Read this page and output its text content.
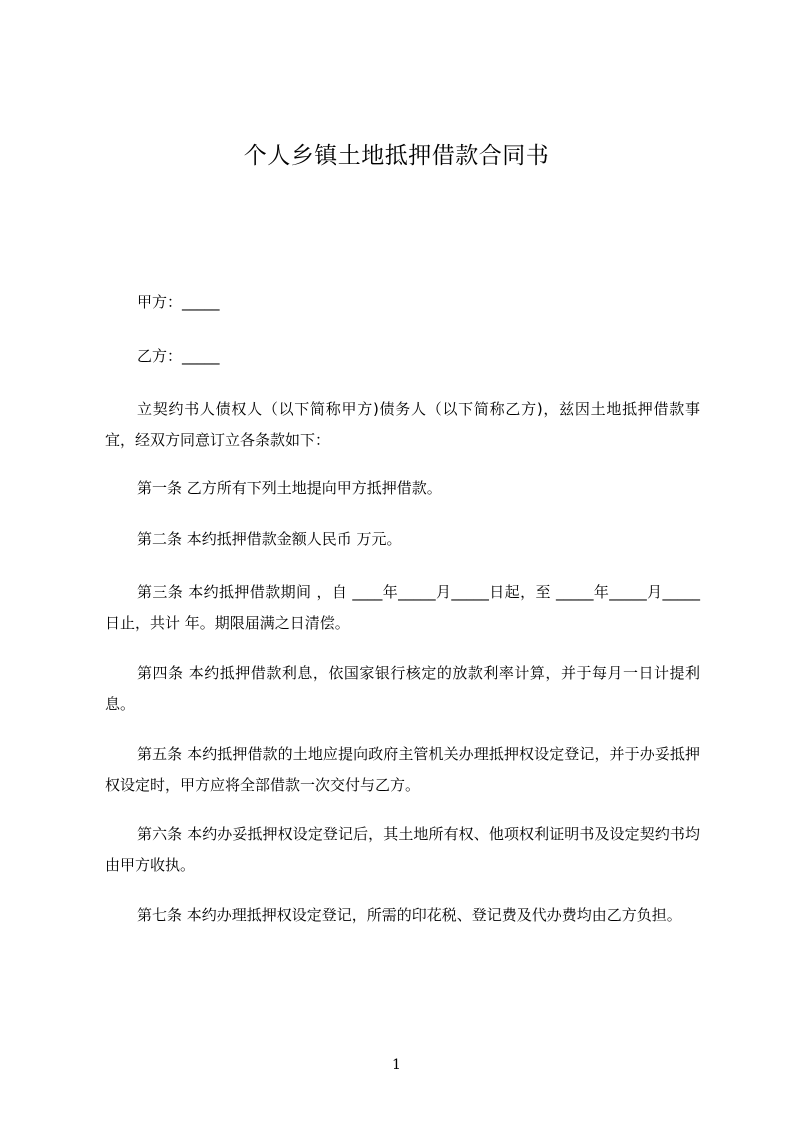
个人乡镇土地抵押借款合同书
甲方：_____
乙方：_____
立契约书人债权人（以下简称甲方)债务人（以下简称乙方)，兹因土地抵押借款事宜，经双方同意订立各条款如下：
第一条 乙方所有下列土地提向甲方抵押借款。
第二条 本约抵押借款金额人民币 万元。
第三条 本约抵押借款期间 ，自 ____年_____月_____日起，至 _____年_____月_____日止，共计 年。期限届满之日清偿。
第四条 本约抵押借款利息，依国家银行核定的放款利率计算，并于每月一日计提利息。
第五条 本约抵押借款的土地应提向政府主管机关办理抵押权设定登记，并于办妥抵押权设定时，甲方应将全部借款一次交付与乙方。
第六条 本约办妥抵押权设定登记后，其土地所有权、他项权利证明书及设定契约书均由甲方收执。
第七条 本约办理抵押权设定登记，所需的印花税、登记费及代办费均由乙方负担。
1
